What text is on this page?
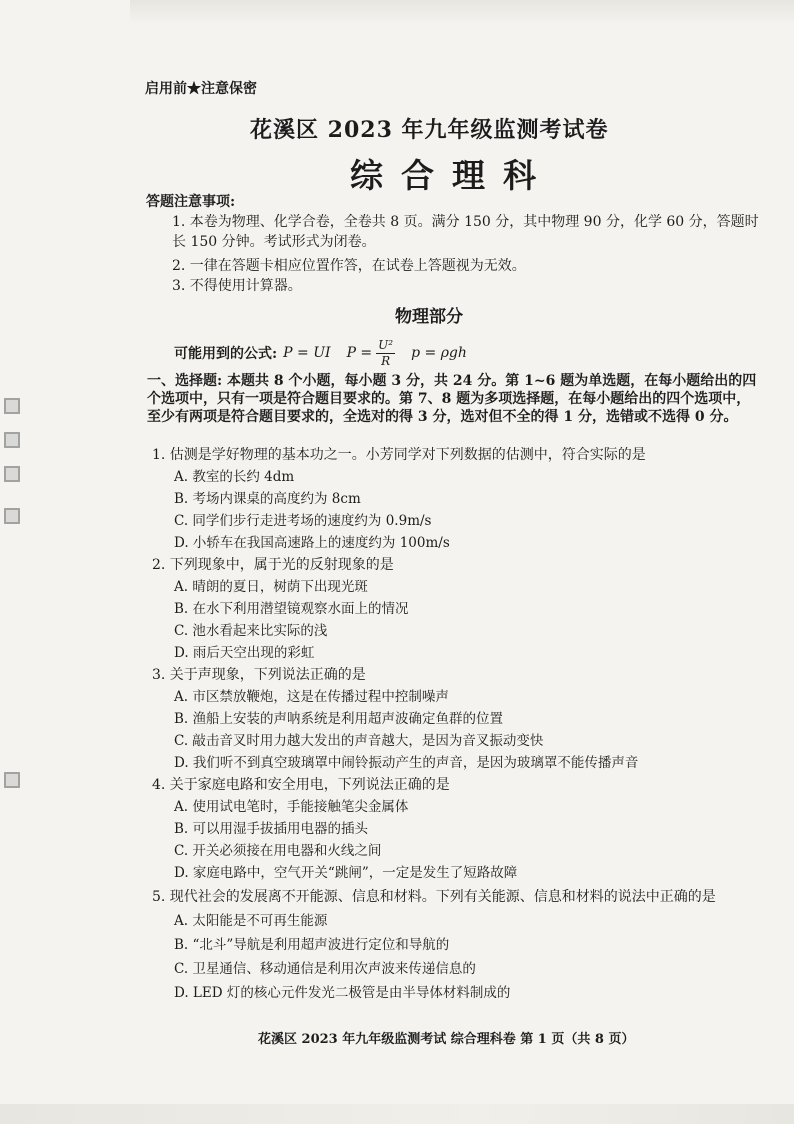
启用前★注意保密
花溪区 2023 年九年级监测考试卷
综合理科
答题注意事项:
1. 本卷为物理、化学合卷，全卷共 8 页。满分 150 分，其中物理 90 分，化学 60 分，答题时长 150 分钟。考试形式为闭卷。
2. 一律在答题卡相应位置作答，在试卷上答题视为无效。
3. 不得使用计算器。
物理部分
可能用到的公式: P = UI $P = \frac{\text{U²}}{R}$ p = ρgh
一、选择题: 本题共 8 个小题，每小题 3 分，共 24 分。第 1~6 题为单选题，在每小题给出的四个选项中，只有一项是符合题目要求的。第 7、8 题为多项选择题，在每小题给出的四个选项中，至少有两项是符合题目要求的，全选对的得 3 分，选对但不全的得 1 分，选错或不选得 0 分。
1. 估测是学好物理的基本功之一。小芳同学对下列数据的估测中，符合实际的是
A. 教室的长约 4dm
B. 考场内课桌的高度约为 8cm
C. 同学们步行走进考场的速度约为 0.9m/s
D. 小轿车在我国高速路上的速度约为 100m/s
2. 下列现象中，属于光的反射现象的是
A. 晴朗的夏日，树荫下出现光斑
B. 在水下利用潜望镜观察水面上的情况
C. 池水看起来比实际的浅
D. 雨后天空出现的彩虹
3. 关于声现象，下列说法正确的是
A. 市区禁放鞭炮，这是在传播过程中控制噪声
B. 渔船上安装的声呐系统是利用超声波确定鱼群的位置
C. 敲击音叉时用力越大发出的声音越大，是因为音叉振动变快
D. 我们听不到真空玻璃罩中闹铃振动产生的声音，是因为玻璃罩不能传播声音
4. 关于家庭电路和安全用电，下列说法正确的是
A. 使用试电笔时，手能接触笔尖金属体
B. 可以用湿手拔插用电器的插头
C. 开关必须接在用电器和火线之间
D. 家庭电路中，空气开关“跳闸”，一定是发生了短路故障
5. 现代社会的发展离不开能源、信息和材料。下列有关能源、信息和材料的说法中正确的是
A. 太阳能是不可再生能源
B. “北斗”导航是利用超声波进行定位和导航的
C. 卫星通信、移动通信是利用次声波来传递信息的
D. LED 灯的核心元件发光二极管是由半导体材料制成的
花溪区 2023 年九年级监测考试 综合理科卷 第 1 页（共 8 页）
